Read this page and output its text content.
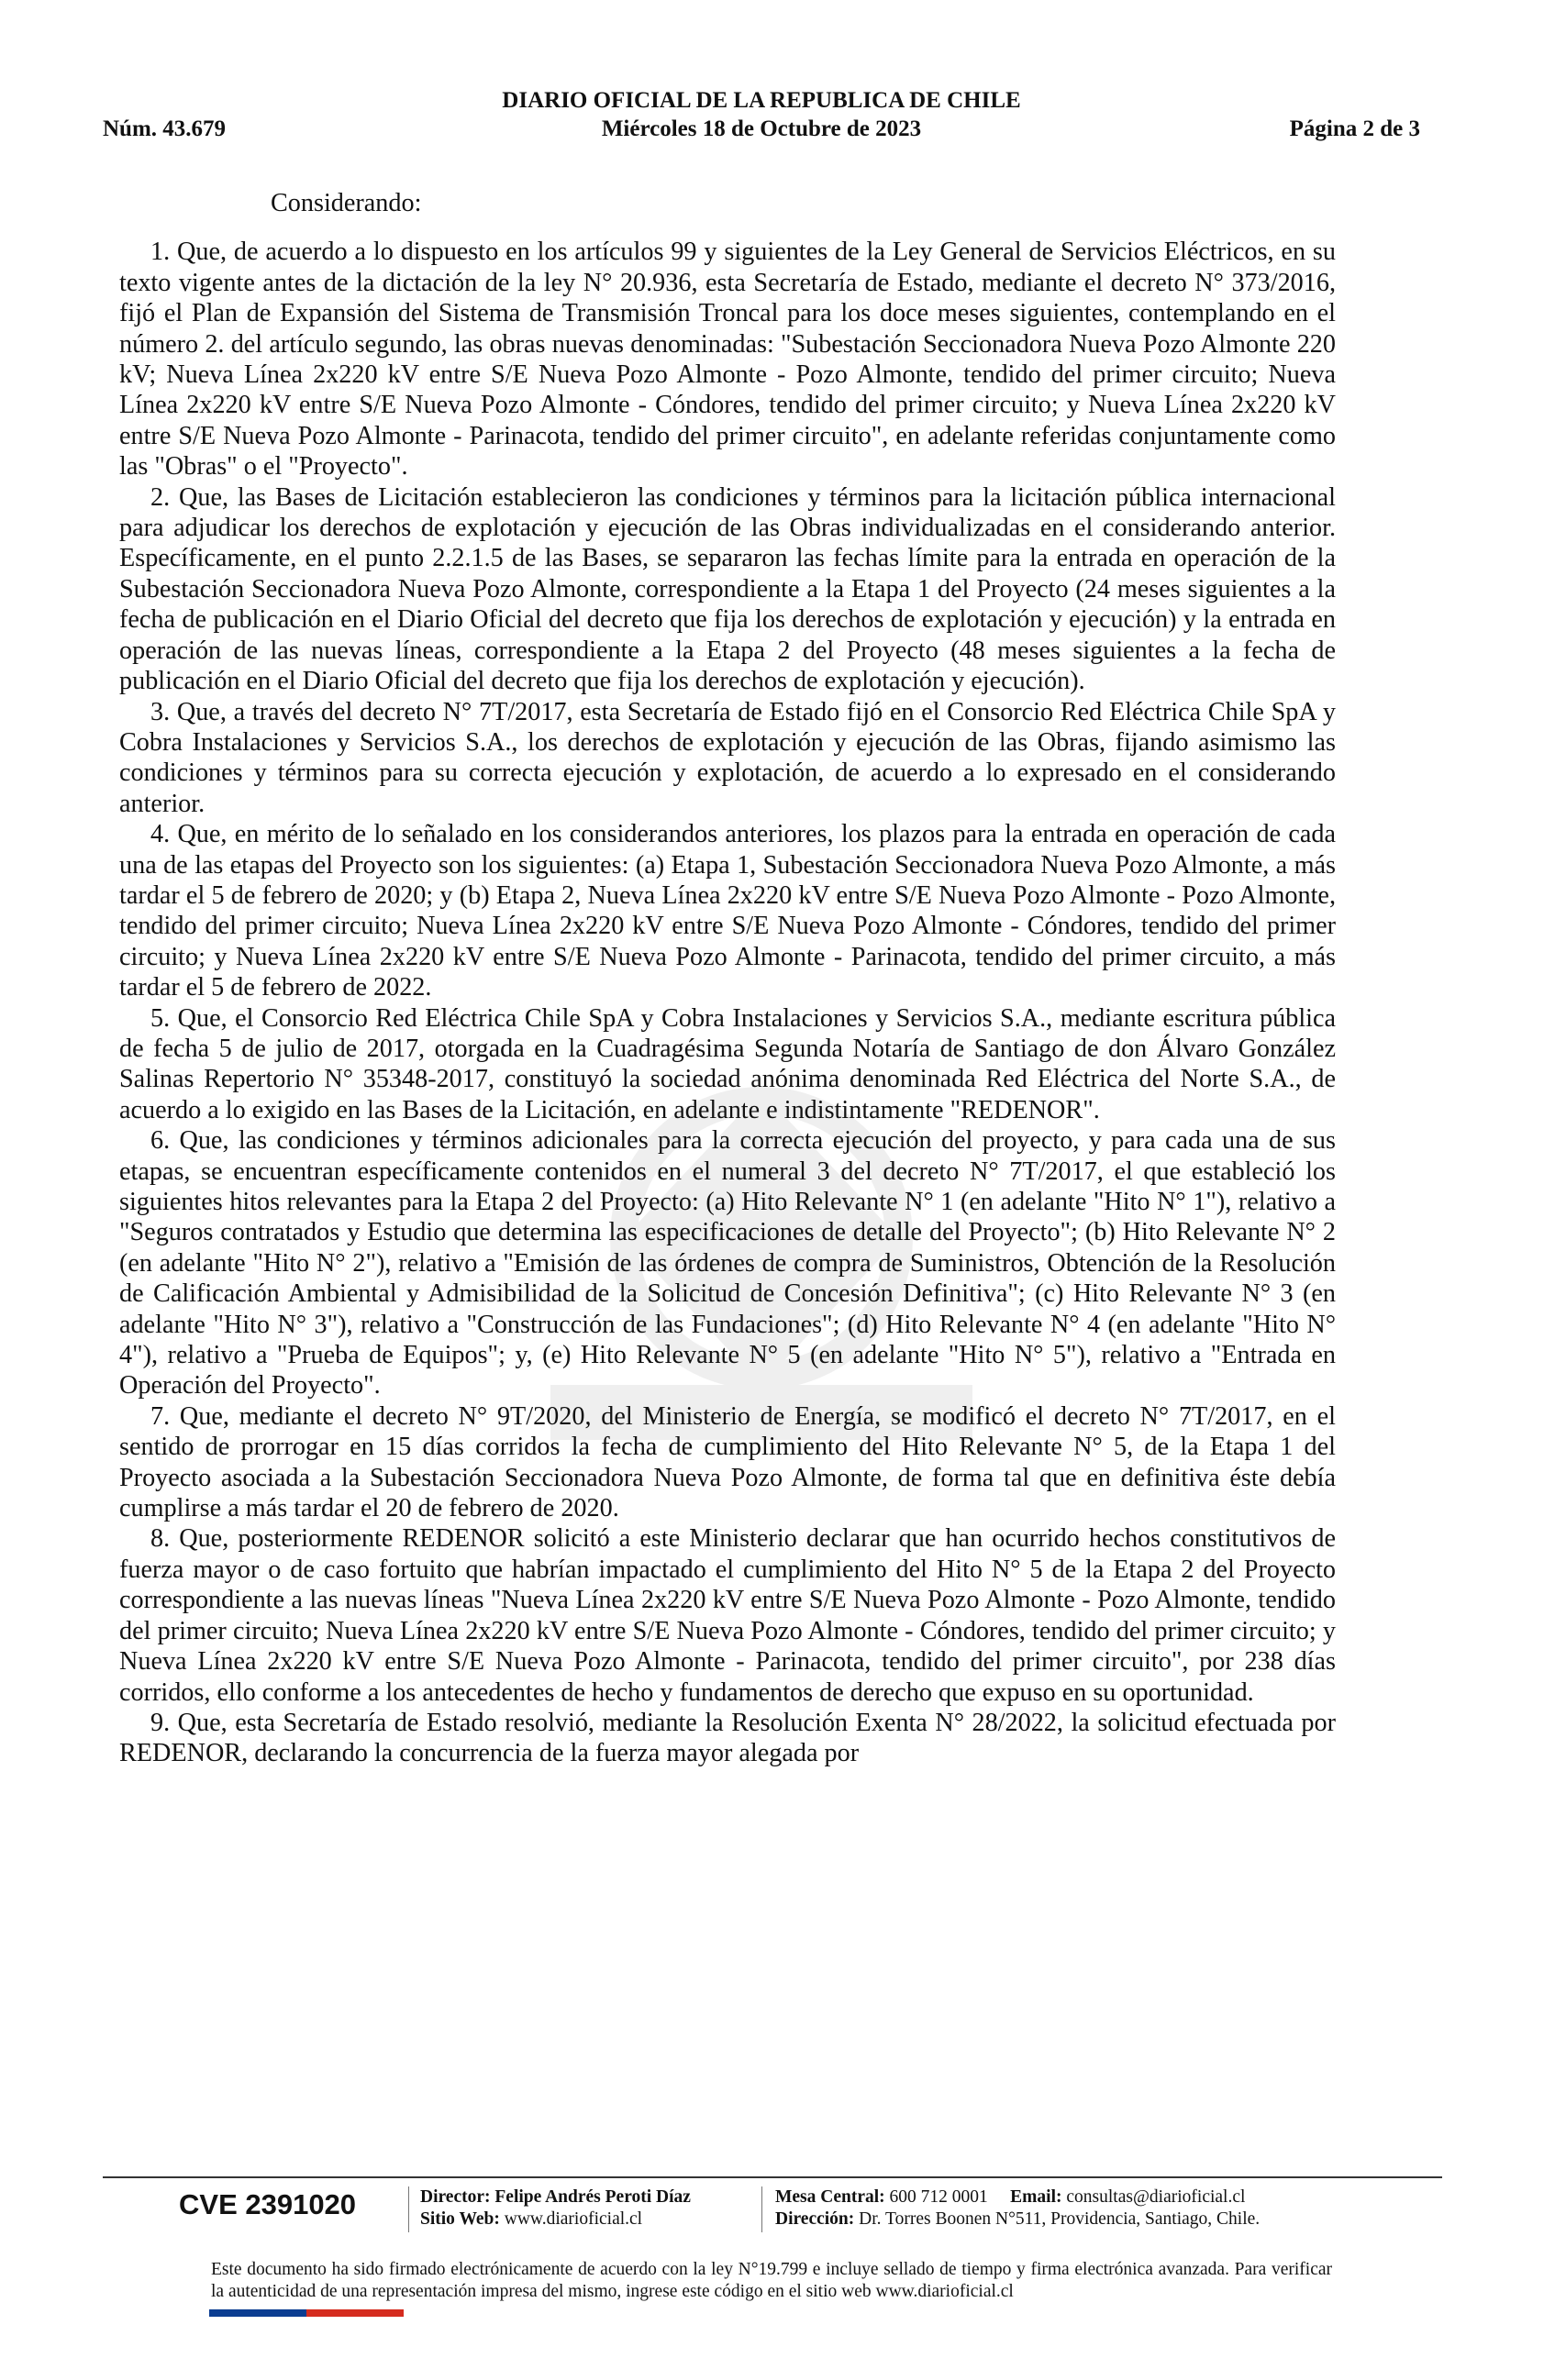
DIARIO OFICIAL DE LA REPUBLICA DE CHILE
Núm. 43.679	Miércoles 18 de Octubre de 2023	Página 2 de 3

Considerando:

1. Que, de acuerdo a lo dispuesto en los artículos 99 y siguientes de la Ley General de Servicios Eléctricos, en su texto vigente antes de la dictación de la ley N° 20.936, esta Secretaría de Estado, mediante el decreto N° 373/2016, fijó el Plan de Expansión del Sistema de Transmisión Troncal para los doce meses siguientes, contemplando en el número 2. del artículo segundo, las obras nuevas denominadas: "Subestación Seccionadora Nueva Pozo Almonte 220 kV; Nueva Línea 2x220 kV entre S/E Nueva Pozo Almonte - Pozo Almonte, tendido del primer circuito; Nueva Línea 2x220 kV entre S/E Nueva Pozo Almonte - Cóndores, tendido del primer circuito; y Nueva Línea 2x220 kV entre S/E Nueva Pozo Almonte - Parinacota, tendido del primer circuito", en adelante referidas conjuntamente como las "Obras" o el "Proyecto".

2. Que, las Bases de Licitación establecieron las condiciones y términos para la licitación pública internacional para adjudicar los derechos de explotación y ejecución de las Obras individualizadas en el considerando anterior. Específicamente, en el punto 2.2.1.5 de las Bases, se separaron las fechas límite para la entrada en operación de la Subestación Seccionadora Nueva Pozo Almonte, correspondiente a la Etapa 1 del Proyecto (24 meses siguientes a la fecha de publicación en el Diario Oficial del decreto que fija los derechos de explotación y ejecución) y la entrada en operación de las nuevas líneas, correspondiente a la Etapa 2 del Proyecto (48 meses siguientes a la fecha de publicación en el Diario Oficial del decreto que fija los derechos de explotación y ejecución).

3. Que, a través del decreto N° 7T/2017, esta Secretaría de Estado fijó en el Consorcio Red Eléctrica Chile SpA y Cobra Instalaciones y Servicios S.A., los derechos de explotación y ejecución de las Obras, fijando asimismo las condiciones y términos para su correcta ejecución y explotación, de acuerdo a lo expresado en el considerando anterior.

4. Que, en mérito de lo señalado en los considerandos anteriores, los plazos para la entrada en operación de cada una de las etapas del Proyecto son los siguientes: (a) Etapa 1, Subestación Seccionadora Nueva Pozo Almonte, a más tardar el 5 de febrero de 2020; y (b) Etapa 2, Nueva Línea 2x220 kV entre S/E Nueva Pozo Almonte - Pozo Almonte, tendido del primer circuito; Nueva Línea 2x220 kV entre S/E Nueva Pozo Almonte - Cóndores, tendido del primer circuito; y Nueva Línea 2x220 kV entre S/E Nueva Pozo Almonte - Parinacota, tendido del primer circuito, a más tardar el 5 de febrero de 2022.

5. Que, el Consorcio Red Eléctrica Chile SpA y Cobra Instalaciones y Servicios S.A., mediante escritura pública de fecha 5 de julio de 2017, otorgada en la Cuadragésima Segunda Notaría de Santiago de don Álvaro González Salinas Repertorio N° 35348-2017, constituyó la sociedad anónima denominada Red Eléctrica del Norte S.A., de acuerdo a lo exigido en las Bases de la Licitación, en adelante e indistintamente "REDENOR".

6. Que, las condiciones y términos adicionales para la correcta ejecución del proyecto, y para cada una de sus etapas, se encuentran específicamente contenidos en el numeral 3 del decreto N° 7T/2017, el que estableció los siguientes hitos relevantes para la Etapa 2 del Proyecto: (a) Hito Relevante N° 1 (en adelante "Hito N° 1"), relativo a "Seguros contratados y Estudio que determina las especificaciones de detalle del Proyecto"; (b) Hito Relevante N° 2 (en adelante "Hito N° 2"), relativo a "Emisión de las órdenes de compra de Suministros, Obtención de la Resolución de Calificación Ambiental y Admisibilidad de la Solicitud de Concesión Definitiva"; (c) Hito Relevante N° 3 (en adelante "Hito N° 3"), relativo a "Construcción de las Fundaciones"; (d) Hito Relevante N° 4 (en adelante "Hito N° 4"), relativo a "Prueba de Equipos"; y, (e) Hito Relevante N° 5 (en adelante "Hito N° 5"), relativo a "Entrada en Operación del Proyecto".

7. Que, mediante el decreto N° 9T/2020, del Ministerio de Energía, se modificó el decreto N° 7T/2017, en el sentido de prorrogar en 15 días corridos la fecha de cumplimiento del Hito Relevante N° 5, de la Etapa 1 del Proyecto asociada a la Subestación Seccionadora Nueva Pozo Almonte, de forma tal que en definitiva éste debía cumplirse a más tardar el 20 de febrero de 2020.

8. Que, posteriormente REDENOR solicitó a este Ministerio declarar que han ocurrido hechos constitutivos de fuerza mayor o de caso fortuito que habrían impactado el cumplimiento del Hito N° 5 de la Etapa 2 del Proyecto correspondiente a las nuevas líneas "Nueva Línea 2x220 kV entre S/E Nueva Pozo Almonte - Pozo Almonte, tendido del primer circuito; Nueva Línea 2x220 kV entre S/E Nueva Pozo Almonte - Cóndores, tendido del primer circuito; y Nueva Línea 2x220 kV entre S/E Nueva Pozo Almonte - Parinacota, tendido del primer circuito", por 238 días corridos, ello conforme a los antecedentes de hecho y fundamentos de derecho que expuso en su oportunidad.

9. Que, esta Secretaría de Estado resolvió, mediante la Resolución Exenta N° 28/2022, la solicitud efectuada por REDENOR, declarando la concurrencia de la fuerza mayor alegada por

CVE 2391020	Director: Felipe Andrés Peroti Díaz
Sitio Web: www.diarioficial.cl
Mesa Central: 600 712 0001 Email: consultas@diarioficial.cl
Dirección: Dr. Torres Boonen N°511, Providencia, Santiago, Chile.
Este documento ha sido firmado electrónicamente de acuerdo con la ley N°19.799 e incluye sellado de tiempo y firma electrónica avanzada. Para verificar la autenticidad de una representación impresa del mismo, ingrese este código en el sitio web www.diarioficial.cl
